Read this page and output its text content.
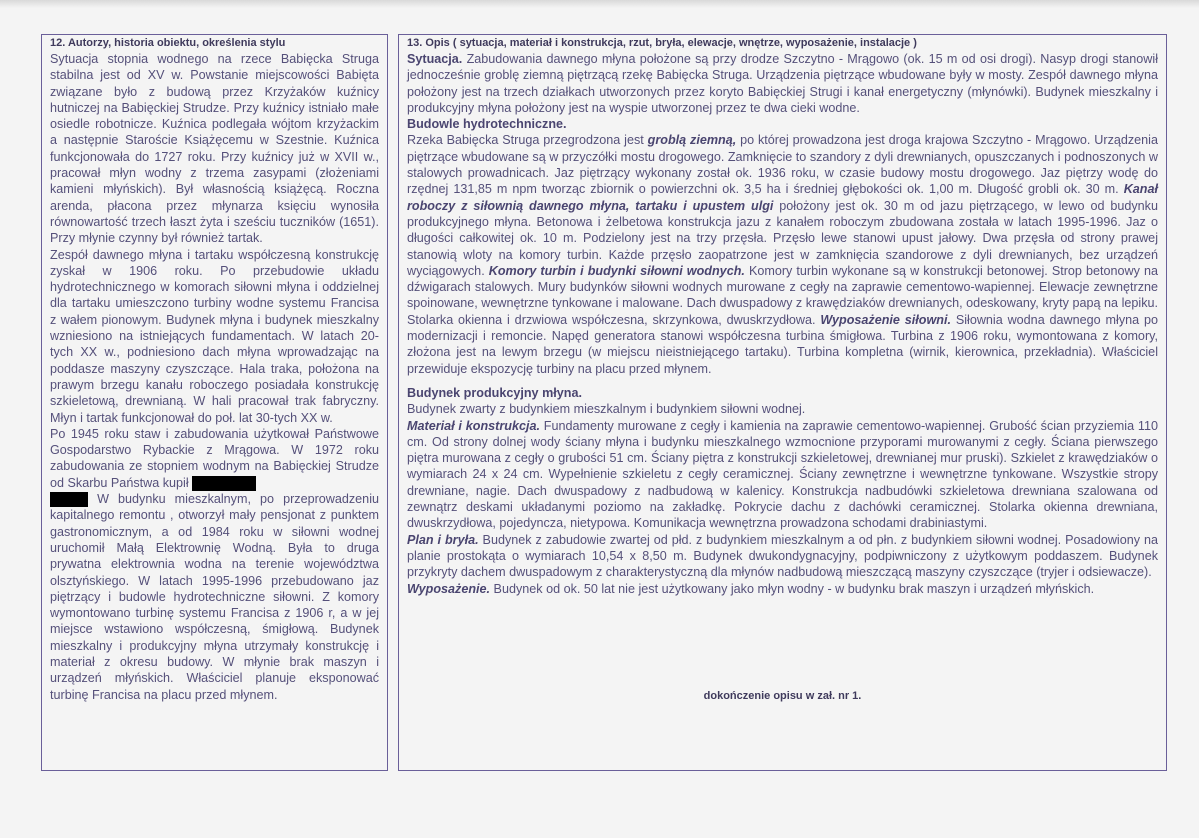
12. Autorzy, historia obiektu, określenia stylu

Sytuacja stopnia wodnego na rzece Babięcka Struga stabilna jest od XV w. Powstanie miejscowości Babięta związane było z budową przez Krzyżaków kuźnicy hutniczej na Babięckiej Strudze. Przy kuźnicy istniało małe osiedle robotnicze. Kuźnica podlegała wójtom krzyżackim a następnie Staroście Książęcemu w Szestnie. Kuźnica funkcjonowała do 1727 roku. Przy kuźnicy już w XVII w., pracował młyn wodny z trzema zasypami (złożeniami kamieni młyńskich). Był własnością książęcą. Roczna arenda, płacona przez młynarza księciu wynosiła równowartość trzech łaszt żyta i sześciu tuczników (1651). Przy młynie czynny był również tartak.

Zespół dawnego młyna i tartaku współczesną konstrukcję zyskał w 1906 roku. Po przebudowie układu hydrotechnicznego w komorach siłowni młyna i oddzielnej dla tartaku umieszczono turbiny wodne systemu Francisa z wałem pionowym. Budynek młyna i budynek mieszkalny wzniesiono na istniejących fundamentach. W latach 20-tych XX w., podniesiono dach młyna wprowadzając na poddasze maszyny czyszczące. Hala traka, położona na prawym brzegu kanału roboczego posiadała konstrukcję szkieletową, drewnianą. W hali pracował trak fabryczny. Młyn i tartak funkcjonował do poł. lat 30-tych XX w.

Po 1945 roku staw i zabudowania użytkował Państwowe Gospodarstwo Rybackie z Mrągowa. W 1972 roku zabudowania ze stopniem wodnym na Babięckiej Strudze od Skarbu Państwa kupił

W budynku mieszkalnym, po przeprowadzeniu kapitalnego remontu , otworzył mały pensjonat z punktem gastronomicznym, a od 1984 roku w siłowni wodnej uruchomił Małą Elektrownię Wodną. Była to druga prywatna elektrownia wodna na terenie województwa olsztyńskiego. W latach 1995-1996 przebudowano jaz piętrzący i budowle hydrotechniczne siłowni. Z komory wymontowano turbinę systemu Francisa z 1906 r, a w jej miejsce wstawiono współczesną, śmigłową. Budynek mieszkalny i produkcyjny młyna utrzymały konstrukcję i materiał z okresu budowy. W młynie brak maszyn i urządzeń młyńskich. Właściciel planuje eksponować turbinę Francisa na placu przed młynem.

13. Opis ( sytuacja, materiał i konstrukcja, rzut, bryła, elewacje, wnętrze, wyposażenie, instalacje )

Sytuacja. Zabudowania dawnego młyna położone są przy drodze Szczytno - Mrągowo (ok. 15 m od osi drogi). Nasyp drogi stanowił jednocześnie groblę ziemną piętrzącą rzekę Babięcka Struga. Urządzenia piętrzące wbudowane były w mosty. Zespół dawnego młyna położony jest na trzech działkach utworzonych przez koryto Babięckiej Strugi i kanał energetyczny (młynówki). Budynek mieszkalny i produkcyjny młyna położony jest na wyspie utworzonej przez te dwa cieki wodne.

Budowle hydrotechniczne.

Rzeka Babięcka Struga przegrodzona jest groblą ziemną, po której prowadzona jest droga krajowa Szczytno - Mrągowo. Urządzenia piętrzące wbudowane są w przyczółki mostu drogowego. Zamknięcie to szandory z dyli drewnianych, opuszczanych i podnoszonych w stalowych prowadnicach. Jaz piętrzący wykonany został ok. 1936 roku, w czasie budowy mostu drogowego. Jaz piętrzy wodę do rzędnej 131,85 m npm tworząc zbiornik o powierzchni ok. 3,5 ha i średniej głębokości ok. 1,00 m. Długość grobli ok. 30 m. Kanał roboczy z siłownią dawnego młyna, tartaku i upustem ulgi położony jest ok. 30 m od jazu piętrzącego, w lewo od budynku produkcyjnego młyna. Betonowa i żelbetowa konstrukcja jazu z kanałem roboczym zbudowana została w latach 1995-1996. Jaz o długości całkowitej ok. 10 m. Podzielony jest na trzy przęsła. Przęsło lewe stanowi upust jałowy. Dwa przęsła od strony prawej stanowią wloty na komory turbin. Każde przęsło zaopatrzone jest w zamknięcia szandorowe z dyli drewnianych, bez urządzeń wyciągowych. Komory turbin i budynki siłowni wodnych. Komory turbin wykonane są w konstrukcji betonowej. Strop betonowy na dźwigarach stalowych. Mury budynków siłowni wodnych murowane z cegły na zaprawie cementowo-wapiennej. Elewacje zewnętrzne spoinowane, wewnętrzne tynkowane i malowane. Dach dwuspadowy z krawędziaków drewnianych, odeskowany, kryty papą na lepiku. Stolarka okienna i drzwiowa współczesna, skrzynkowa, dwuskrzydłowa. Wyposażenie siłowni. Siłownia wodna dawnego młyna po modernizacji i remoncie. Napęd generatora stanowi współczesna turbina śmigłowa. Turbina z 1906 roku, wymontowana z komory, złożona jest na lewym brzegu (w miejscu nieistniejącego tartaku). Turbina kompletna (wirnik, kierownica, przekładnia). Właściciel przewiduje ekspozycję turbiny na placu przed młynem.

Budynek produkcyjny młyna.

Budynek zwarty z budynkiem mieszkalnym i budynkiem siłowni wodnej.

Materiał i konstrukcja. Fundamenty murowane z cegły i kamienia na zaprawie cementowo-wapiennej. Grubość ścian przyziemia 110 cm. Od strony dolnej wody ściany młyna i budynku mieszkalnego wzmocnione przyporami murowanymi z cegły. Ściana pierwszego piętra murowana z cegły o grubości 51 cm. Ściany piętra z konstrukcji szkieletowej, drewnianej mur pruski). Szkielet z krawędziaków o wymiarach 24 x 24 cm. Wypełnienie szkieletu z cegły ceramicznej. Ściany zewnętrzne i wewnętrzne tynkowane. Wszystkie stropy drewniane, nagie. Dach dwuspadowy z nadbudową w kalenicy. Konstrukcja nadbudówki szkieletowa drewniana szalowana od zewnątrz deskami układanymi poziomo na zakładkę. Pokrycie dachu z dachówki ceramicznej. Stolarka okienna drewniana, dwuskrzydłowa, pojedyncza, nietypowa. Komunikacja wewnętrzna prowadzona schodami drabiniastymi.

Plan i bryła. Budynek z zabudowie zwartej od płd. z budynkiem mieszkalnym a od płn. z budynkiem siłowni wodnej. Posadowiony na planie prostokąta o wymiarach 10,54 x 8,50 m. Budynek dwukondygnacyjny, podpiwniczony z użytkowym poddaszem. Budynek przykryty dachem dwuspadowym z charakterystyczną dla młynów nadbudową mieszczącą maszyny czyszczące (tryjer i odsiewacze).

Wyposażenie. Budynek od ok. 50 lat nie jest użytkowany jako młyn wodny - w budynku brak maszyn i urządzeń młyńskich.

dokończenie opisu w zał. nr 1.
